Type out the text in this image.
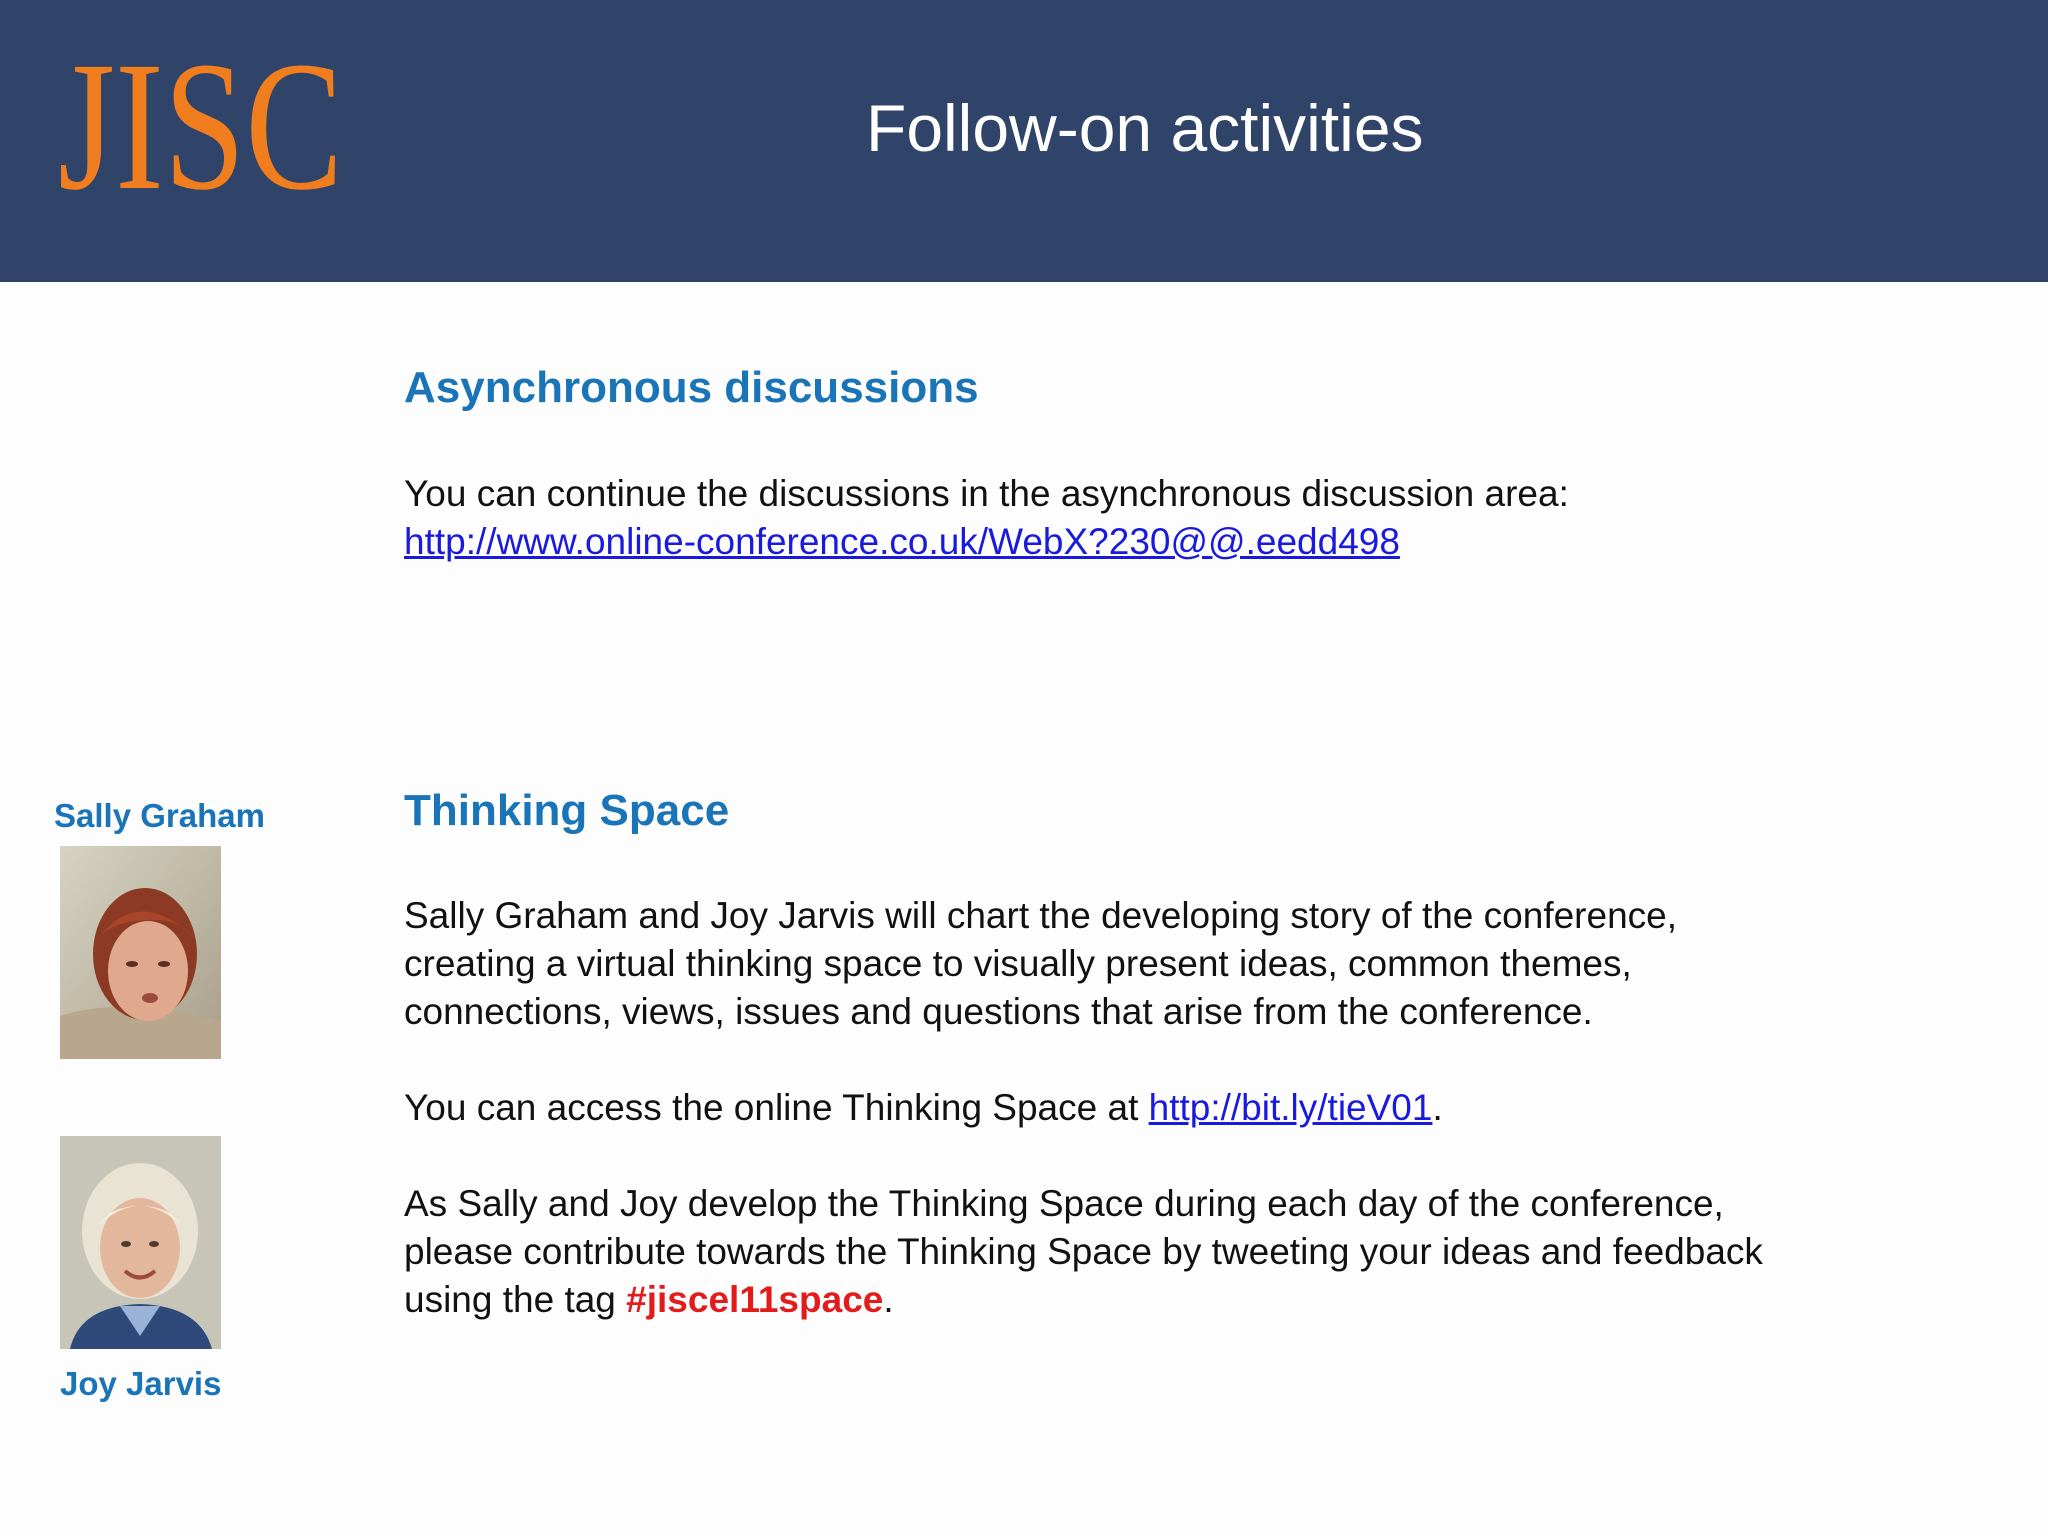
JISC	Follow-on activities
Asynchronous discussions
You can continue the discussions in the asynchronous discussion area:
http://www.online-conference.co.uk/WebX?230@@.eedd498
Thinking Space
Sally Graham and Joy Jarvis will chart the developing story of the conference,
creating a virtual thinking space to visually present ideas, common themes,
connections, views, issues and questions that arise from the conference.
You can access the online Thinking Space at http://bit.ly/tieV01.
As Sally and Joy develop the Thinking Space during each day of the conference,
please contribute towards the Thinking Space by tweeting your ideas and feedback
using the tag #jiscel11space.
Sally Graham
Joy Jarvis
